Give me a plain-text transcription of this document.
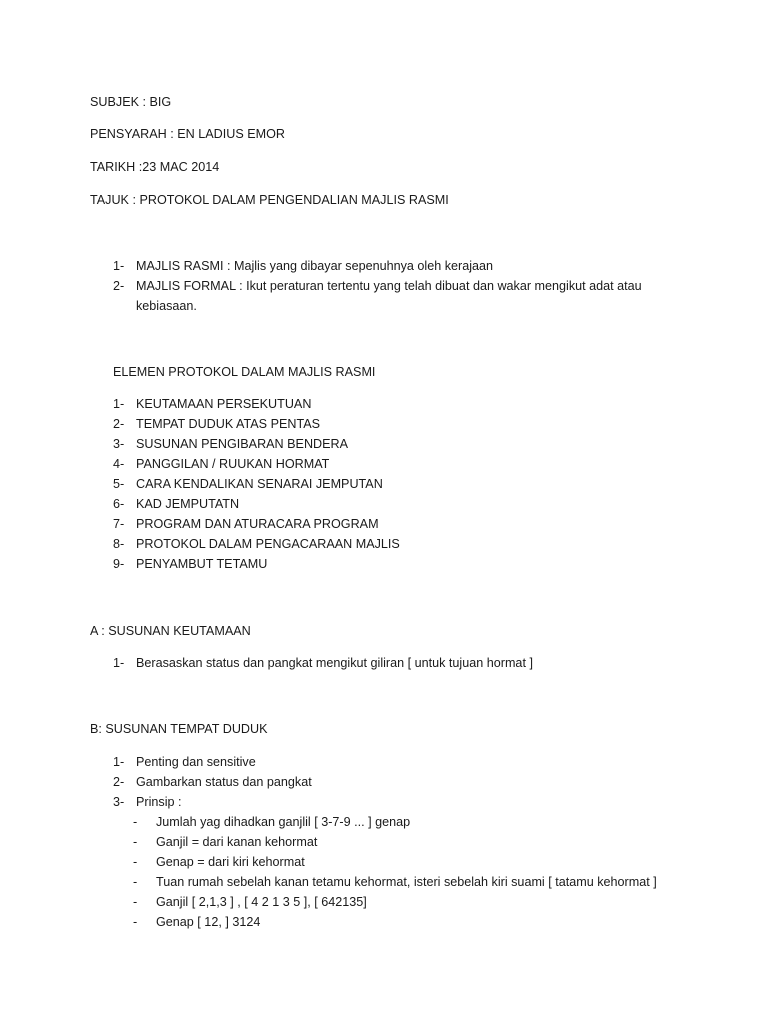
SUBJEK : BIG
PENSYARAH : EN LADIUS EMOR
TARIKH :23 MAC 2014
TAJUK : PROTOKOL DALAM PENGENDALIAN MAJLIS RASMI
1- MAJLIS RASMI : Majlis yang dibayar sepenuhnya oleh kerajaan
2- MAJLIS FORMAL : Ikut peraturan tertentu yang telah dibuat dan wakar mengikut adat atau kebiasaan.
ELEMEN PROTOKOL DALAM MAJLIS RASMI
1- KEUTAMAAN PERSEKUTUAN
2- TEMPAT DUDUK ATAS PENTAS
3- SUSUNAN PENGIBARAN BENDERA
4- PANGGILAN / RUUKAN HORMAT
5- CARA KENDALIKAN SENARAI JEMPUTAN
6- KAD JEMPUTATN
7- PROGRAM DAN ATURACARA PROGRAM
8- PROTOKOL DALAM PENGACARAAN MAJLIS
9- PENYAMBUT TETAMU
A : SUSUNAN KEUTAMAAN
1- Berasaskan status dan pangkat mengikut giliran [ untuk tujuan hormat ]
B: SUSUNAN TEMPAT DUDUK
1- Penting dan sensitive
2- Gambarkan status dan pangkat
3- Prinsip :
- Jumlah yag dihadkan ganjlil [ 3-7-9 ... ] genap
- Ganjil = dari kanan kehormat
- Genap = dari kiri kehormat
- Tuan rumah sebelah kanan tetamu kehormat, isteri sebelah kiri suami [ tatamu kehormat ]
- Ganjil [ 2,1,3 ] , [ 4 2 1 3 5 ], [ 642135]
- Genap [ 12, ] 3124
